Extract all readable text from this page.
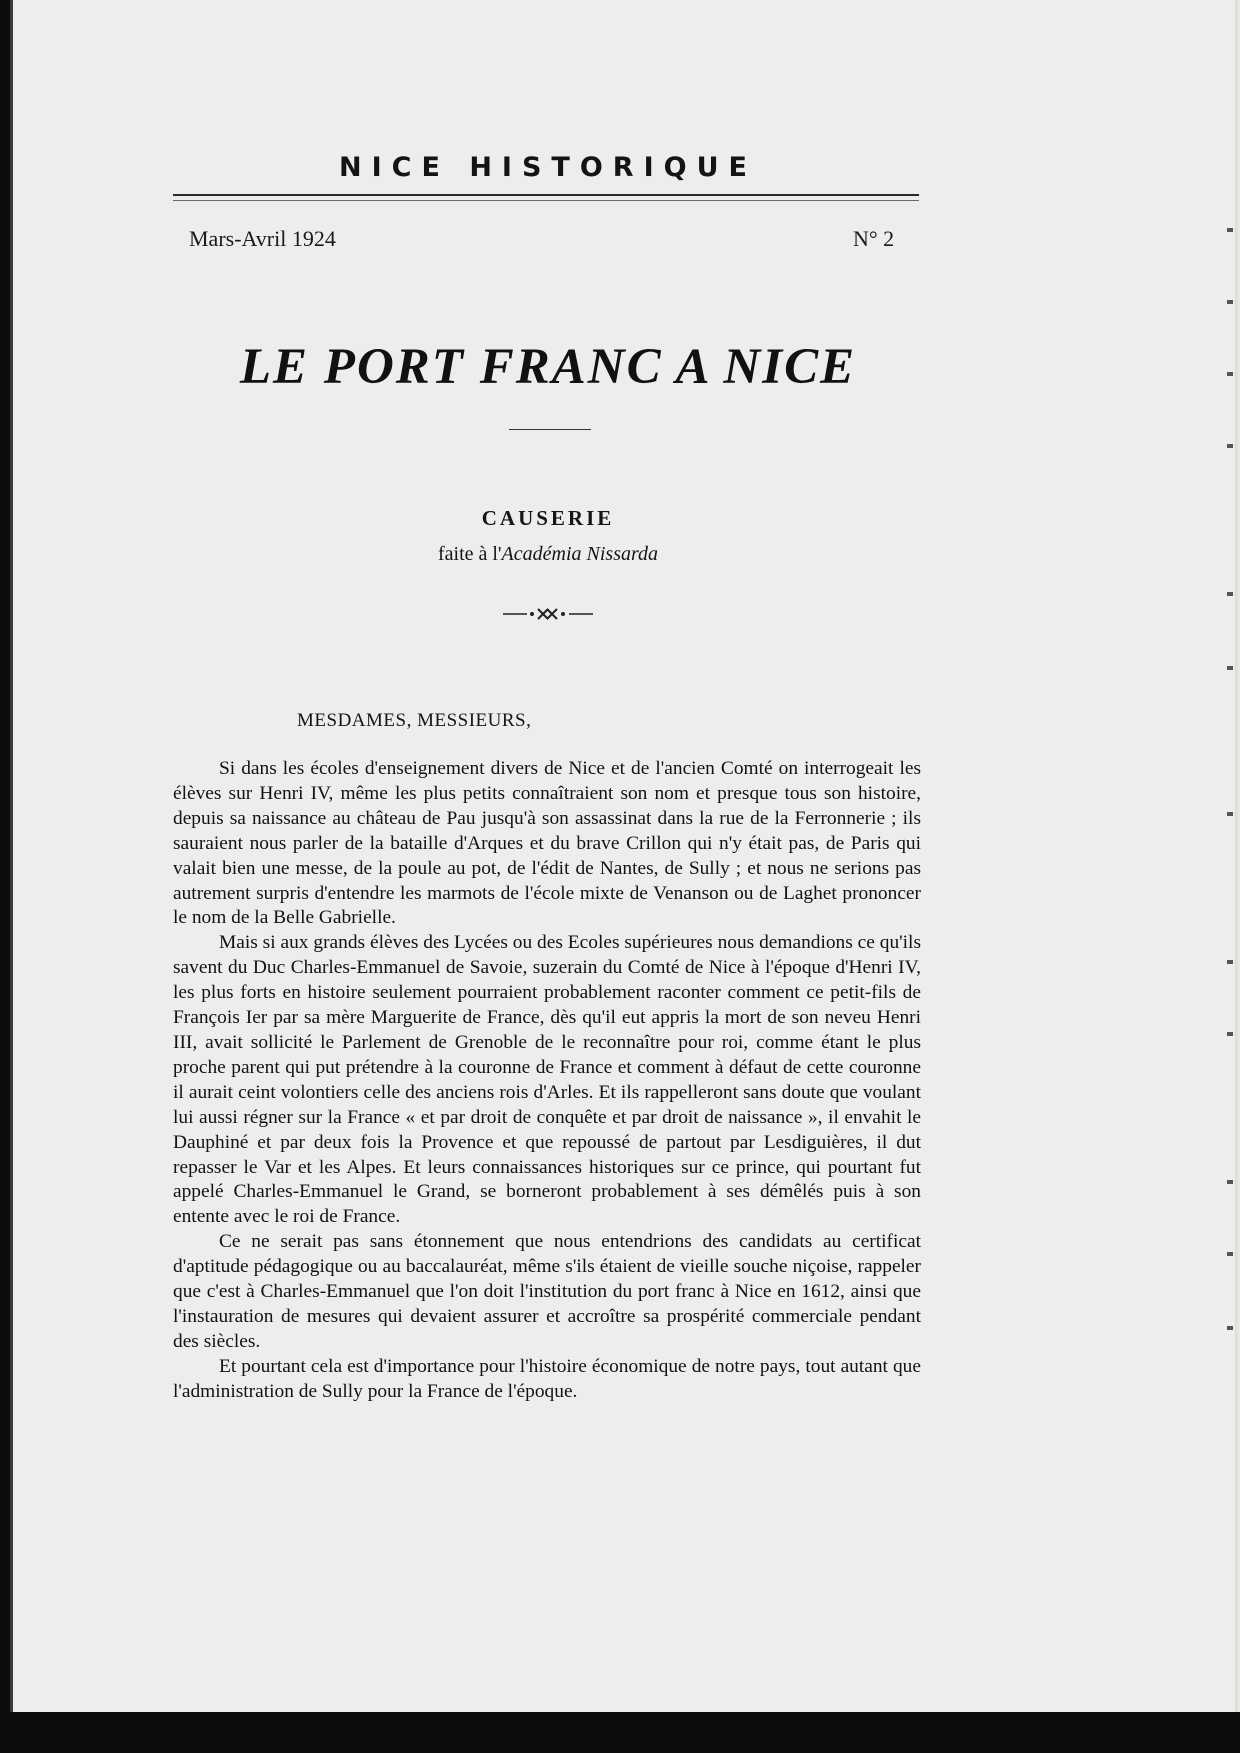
NICE HISTORIQUE
Mars-Avril 1924	N° 2
LE PORT FRANC A NICE
CAUSERIE
faite à l'Académia Nissarda
MESDAMES, MESSIEURS,

Si dans les écoles d'enseignement divers de Nice et de l'ancien Comté on interrogeait les élèves sur Henri IV, même les plus petits connaîtraient son nom et presque tous son histoire, depuis sa naissance au château de Pau jusqu'à son assassinat dans la rue de la Ferronnerie ; ils sauraient nous parler de la bataille d'Arques et du brave Crillon qui n'y était pas, de Paris qui valait bien une messe, de la poule au pot, de l'édit de Nantes, de Sully ; et nous ne serions pas autrement surpris d'entendre les marmots de l'école mixte de Venanson ou de Laghet prononcer le nom de la Belle Gabrielle.

Mais si aux grands élèves des Lycées ou des Ecoles supérieures nous demandions ce qu'ils savent du Duc Charles-Emmanuel de Savoie, suzerain du Comté de Nice à l'époque d'Henri IV, les plus forts en histoire seulement pourraient probablement raconter comment ce petit-fils de François Ier par sa mère Marguerite de France, dès qu'il eut appris la mort de son neveu Henri III, avait sollicité le Parlement de Grenoble de le reconnaître pour roi, comme étant le plus proche parent qui put prétendre à la couronne de France et comment à défaut de cette couronne il aurait ceint volontiers celle des anciens rois d'Arles. Et ils rappelleront sans doute que voulant lui aussi régner sur la France « et par droit de conquête et par droit de naissance », il envahit le Dauphiné et par deux fois la Provence et que repoussé de partout par Lesdiguières, il dut repasser le Var et les Alpes. Et leurs connaissances historiques sur ce prince, qui pourtant fut appelé Charles-Emmanuel le Grand, se borneront probablement à ses démêlés puis à son entente avec le roi de France.

Ce ne serait pas sans étonnement que nous entendrions des candidats au certificat d'aptitude pédagogique ou au baccalauréat, même s'ils étaient de vieille souche niçoise, rappeler que c'est à Charles-Emmanuel que l'on doit l'institution du port franc à Nice en 1612, ainsi que l'instauration de mesures qui devaient assurer et accroître sa prospérité commerciale pendant des siècles.

Et pourtant cela est d'importance pour l'histoire économique de notre pays, tout autant que l'administration de Sully pour la France de l'époque.
